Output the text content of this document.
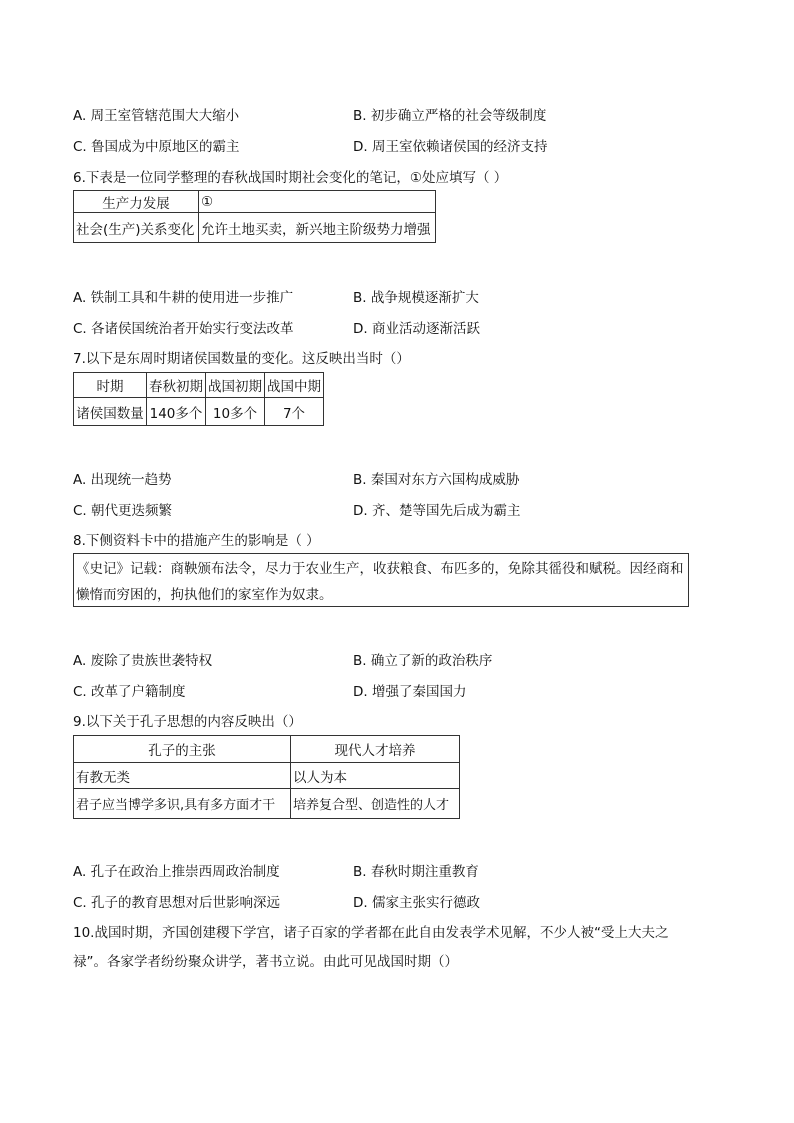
A. 周王室管辖范围大大缩小	B. 初步确立严格的社会等级制度
C. 鲁国成为中原地区的霸主	D. 周王室依赖诸侯国的经济支持
6.下表是一位同学整理的春秋战国时期社会变化的笔记，①处应填写（ ）
生产力发展	①
社会(生产)关系变化	允许土地买卖，新兴地主阶级势力增强
A. 铁制工具和牛耕的使用进一步推广	B. 战争规模逐渐扩大
C. 各诸侯国统治者开始实行变法改革	D. 商业活动逐渐活跃
7.以下是东周时期诸侯国数量的变化。这反映出当时（）
时期	春秋初期	战国初期	战国中期
诸侯国数量	140多个	10多个	7个
A. 出现统一趋势	B. 秦国对东方六国构成威胁
C. 朝代更迭频繁	D. 齐、楚等国先后成为霸主
8.下侧资料卡中的措施产生的影响是（ ）
《史记》记载：商鞅颁布法令，尽力于农业生产，收获粮食、布匹多的，免除其徭役和赋税。因经商和懒惰而穷困的，拘执他们的家室作为奴隶。
A. 废除了贵族世袭特权	B. 确立了新的政治秩序
C. 改革了户籍制度	D. 增强了秦国国力
9.以下关于孔子思想的内容反映出（）
孔子的主张	现代人才培养
有教无类	以人为本
君子应当博学多识,具有多方面才干	培养复合型、创造性的人才
A. 孔子在政治上推崇西周政治制度	B. 春秋时期注重教育
C. 孔子的教育思想对后世影响深远	D. 儒家主张实行德政
10.战国时期，齐国创建稷下学宫，诸子百家的学者都在此自由发表学术见解，不少人被“受上大夫之
禄”。各家学者纷纷聚众讲学，著书立说。由此可见战国时期（）
